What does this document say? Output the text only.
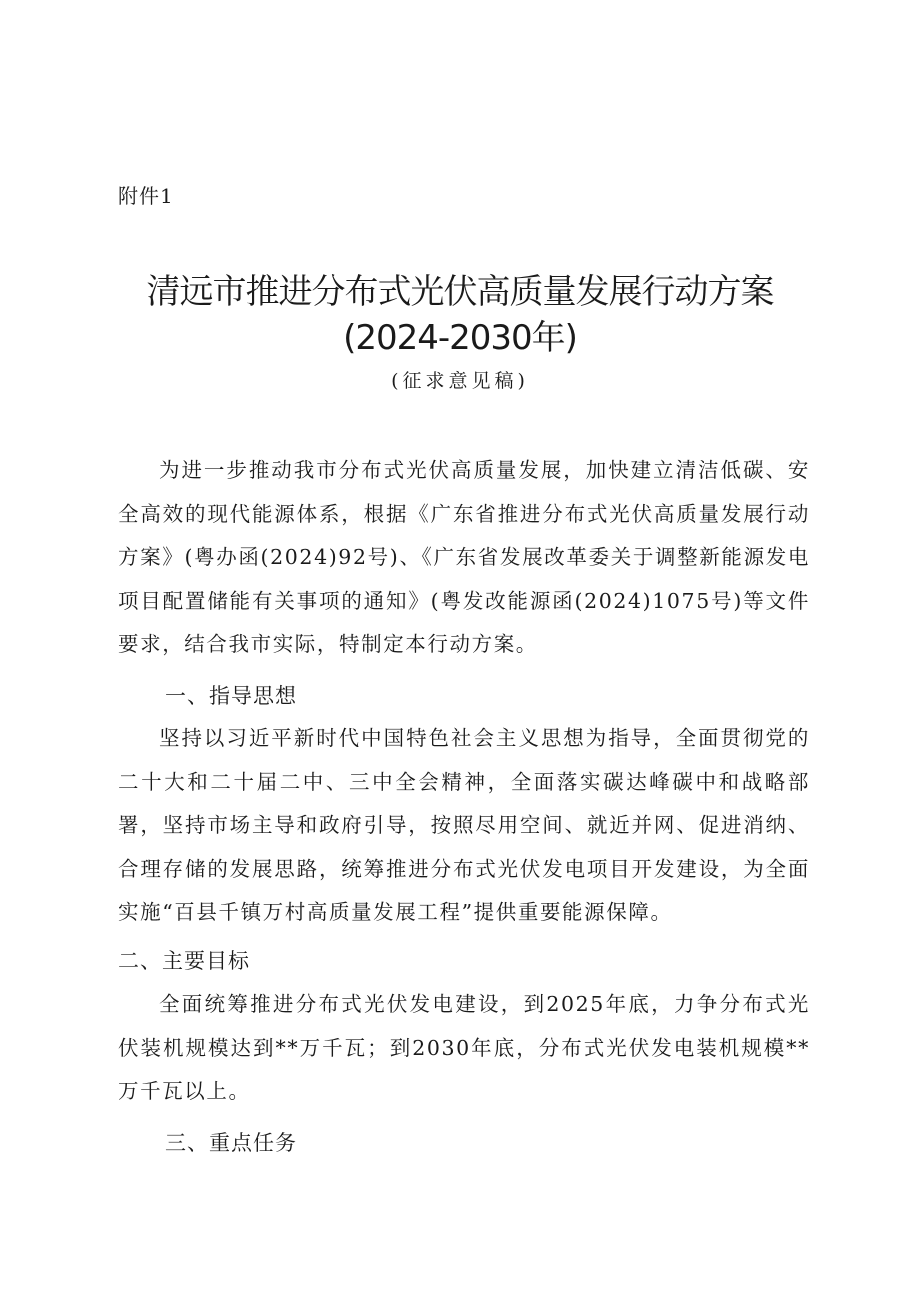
附件1
清远市推进分布式光伏高质量发展行动方案
(2024-2030年)
(征求意见稿)

为进一步推动我市分布式光伏高质量发展，加快建立清洁低碳、安全高效的现代能源体系，根据《广东省推进分布式光伏高质量发展行动方案》(粤办函(2024)92号)、《广东省发展改革委关于调整新能源发电项目配置储能有关事项的通知》(粤发改能源函(2024)1075号)等文件要求，结合我市实际，特制定本行动方案。

一、指导思想

坚持以习近平新时代中国特色社会主义思想为指导，全面贯彻党的二十大和二十届二中、三中全会精神，全面落实碳达峰碳中和战略部署，坚持市场主导和政府引导，按照尽用空间、就近并网、促进消纳、合理存储的发展思路，统筹推进分布式光伏发电项目开发建设，为全面实施“百县千镇万村高质量发展工程”提供重要能源保障。

二、主要目标

全面统筹推进分布式光伏发电建设，到2025年底，力争分布式光伏装机规模达到**万千瓦；到2030年底，分布式光伏发电装机规模**万千瓦以上。

三、重点任务
